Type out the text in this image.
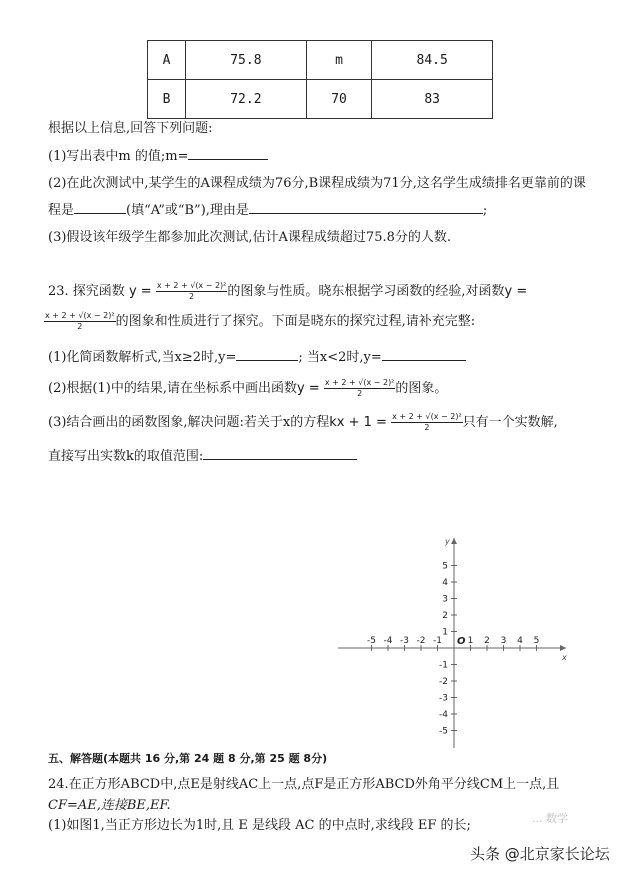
A	75.8	m	84.5
B	72.2	70	83
根据以上信息,回答下列问题:
(1)写出表中m 的值;m=
(2)在此次测试中,某学生的A课程成绩为76分,B课程成绩为71分,这名学生成绩排名更靠前的课
程是	(填“A”或“B”),理由是	;
(3)假设该年级学生都参加此次测试,估计A课程成绩超过75.8分的人数.
23. 探究函数 $y = \frac{\text{x + 2 + √(x − 2)²}}{2}$ 的图象与性质。晓东根据学习函数的经验,对函数y =
$\frac{\text{x + 2 + √(x − 2)²}}{2}$ 的图象和性质进行了探究。下面是晓东的探究过程,请补充完整:
(1)化简函数解析式,当x≥2时,y=	; 当x<2时,y=
(2)根据(1)中的结果,请在坐标系中画出函数$y = \frac{\text{x + 2 + √(x − 2)²}}{2}$ 的图象。
(3)结合画出的函数图象,解决问题:若关于x的方程kx + $1 = \frac{\text{x + 2 + √(x − 2)²}}{2}$ 只有一个实数解,
直接写出实数k的取值范围:
-5 -4 -3 -2 -1	1 2 3 4 5
5
4
3
2
1
-1
-2
-3
-4
-5
O
x
y
五、解答题(本题共 16 分,第 24 题 8 分,第 25 题 8分)
24.在正方形ABCD中,点E是射线AC上一点,点F是正方形ABCD外角平分线CM上一点,且
CF=AE,连接BE,EF.
(1)如图1,当正方形边长为1时,且 E 是线段 AC 的中点时,求线段 EF 的长;	... 数学
头条 @北京家长论坛
